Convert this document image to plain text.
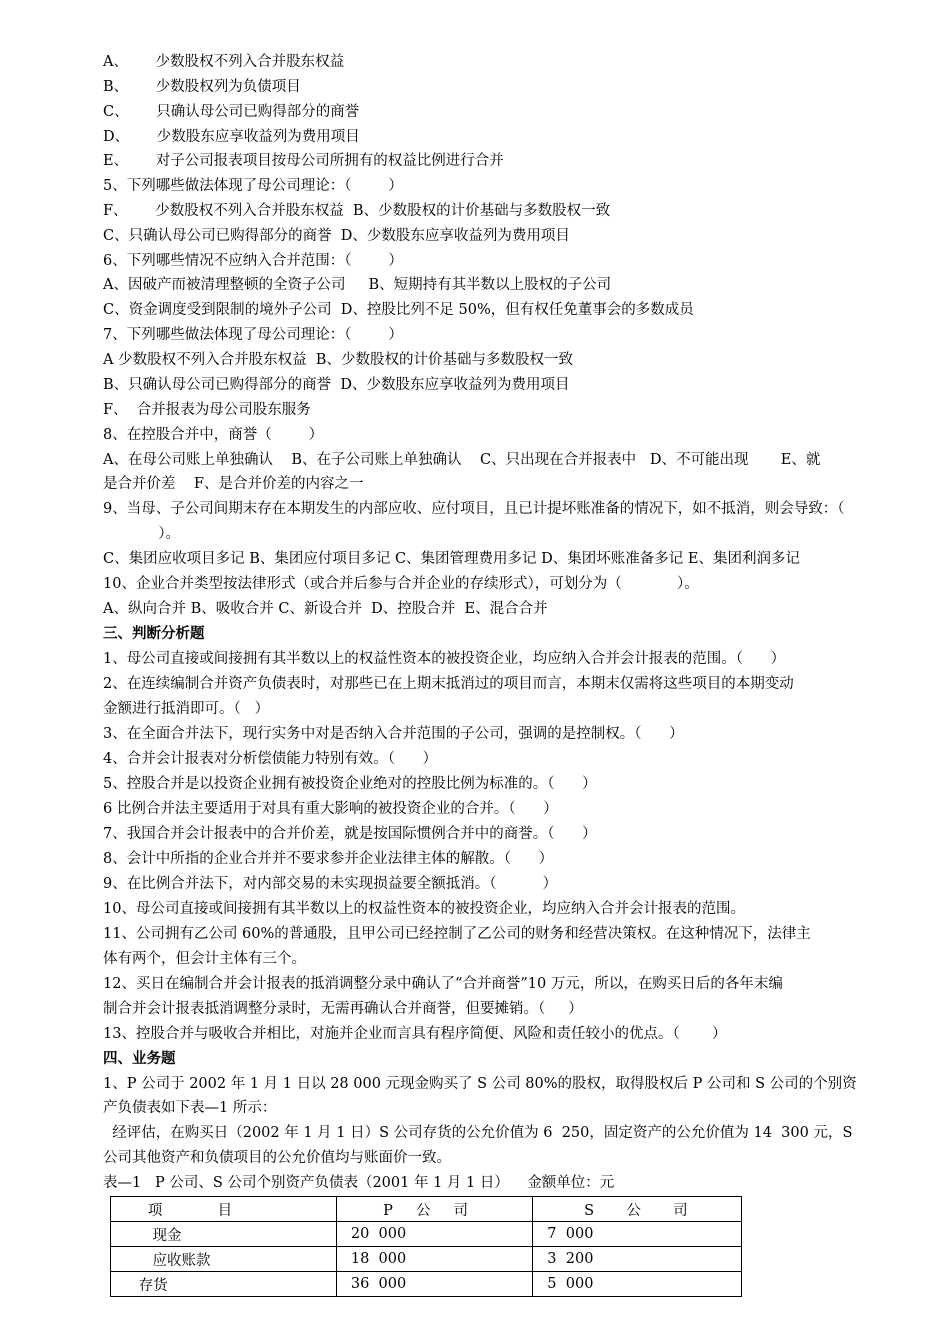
A、      少数股权不列入合并股东权益
B、      少数股权列为负债项目
C、      只确认母公司已购得部分的商誉
D、      少数股东应享收益列为费用项目
E、      对子公司报表项目按母公司所拥有的权益比例进行合并
5、下列哪些做法体现了母公司理论：（        ）
F、      少数股权不列入合并股东权益  B、少数股权的计价基础与多数股权一致
C、只确认母公司已购得部分的商誉  D、少数股东应享收益列为费用项目
6、下列哪些情况不应纳入合并范围：（        ）
A、因破产而被清理整顿的全资子公司     B、短期持有其半数以上股权的子公司
C、资金调度受到限制的境外子公司  D、控股比列不足 50%，但有权任免董事会的多数成员
7、下列哪些做法体现了母公司理论：（        ）
A 少数股权不列入合并股东权益  B、少数股权的计价基础与多数股权一致
B、只确认母公司已购得部分的商誉  D、少数股东应享收益列为费用项目
F、  合并报表为母公司股东服务
8、在控股合并中，商誉（        ）
A、在母公司账上单独确认    B、在子公司账上单独确认    C、只出现在合并报表中   D、不可能出现       E、就
是合并价差    F、是合并价差的内容之一
9、当母、子公司间期末存在本期发生的内部应收、应付项目，且已计提坏账准备的情况下，如不抵消，则会导致：（
）。
C、集团应收项目多记 B、集团应付项目多记 C、集团管理费用多记 D、集团坏账准备多记 E、集团利润多记
10、企业合并类型按法律形式（或合并后参与合并企业的存续形式），可划分为（            ）。
A、纵向合并 B、吸收合并 C、新设合并  D、控股合并  E、混合合并
三、判断分析题
1、母公司直接或间接拥有其半数以上的权益性资本的被投资企业，均应纳入合并会计报表的范围。（      ）
2、在连续编制合并资产负债表时，对那些已在上期末抵消过的项目而言，本期末仅需将这些项目的本期变动
金额进行抵消即可。（   ）
3、在全面合并法下，现行实务中对是否纳入合并范围的子公司，强调的是控制权。（      ）
4、合并会计报表对分析偿债能力特别有效。（      ）
5、控股合并是以投资企业拥有被投资企业绝对的控股比例为标准的。（      ）
6 比例合并法主要适用于对具有重大影响的被投资企业的合并。（      ）
7、我国合并会计报表中的合并价差，就是按国际惯例合并中的商誉。（      ）
8、会计中所指的企业合并并不要求参并企业法律主体的解散。（      ）
9、在比例合并法下，对内部交易的未实现损益要全额抵消。（          ）
10、母公司直接或间接拥有其半数以上的权益性资本的被投资企业，均应纳入合并会计报表的范围。
11、公司拥有乙公司 60%的普通股，且甲公司已经控制了乙公司的财务和经营决策权。在这种情况下，法律主
体有两个，但会计主体有三个。
12、买日在编制合并会计报表的抵消调整分录中确认了“合并商誉”10 万元，所以，在购买日后的各年末编
制合并会计报表抵消调整分录时，无需再确认合并商誉，但要摊销。（     ）
13、控股合并与吸收合并相比，对施并企业而言具有程序简便、风险和责任较小的优点。（       ）
四、业务题
1、P 公司于 2002 年 1 月 1 日以 28 000 元现金购买了 S 公司 80%的股权，取得股权后 P 公司和 S 公司的个别资
产负债表如下表—1 所示：
经评估，在购买日（2002 年 1 月 1 日）S 公司存货的公允价值为 6  250，固定资产的公允价值为 14  300 元，S
公司其他资产和负债项目的公允价值均与账面价一致。
表—1   P 公司、S 公司个别资产负债表（2001 年 1 月 1 日）    金额单位：元
项            目	P     公     司	S       公       司
现金	20  000	7  000
应收账款	18  000	3  200
存货	36  000	5  000
